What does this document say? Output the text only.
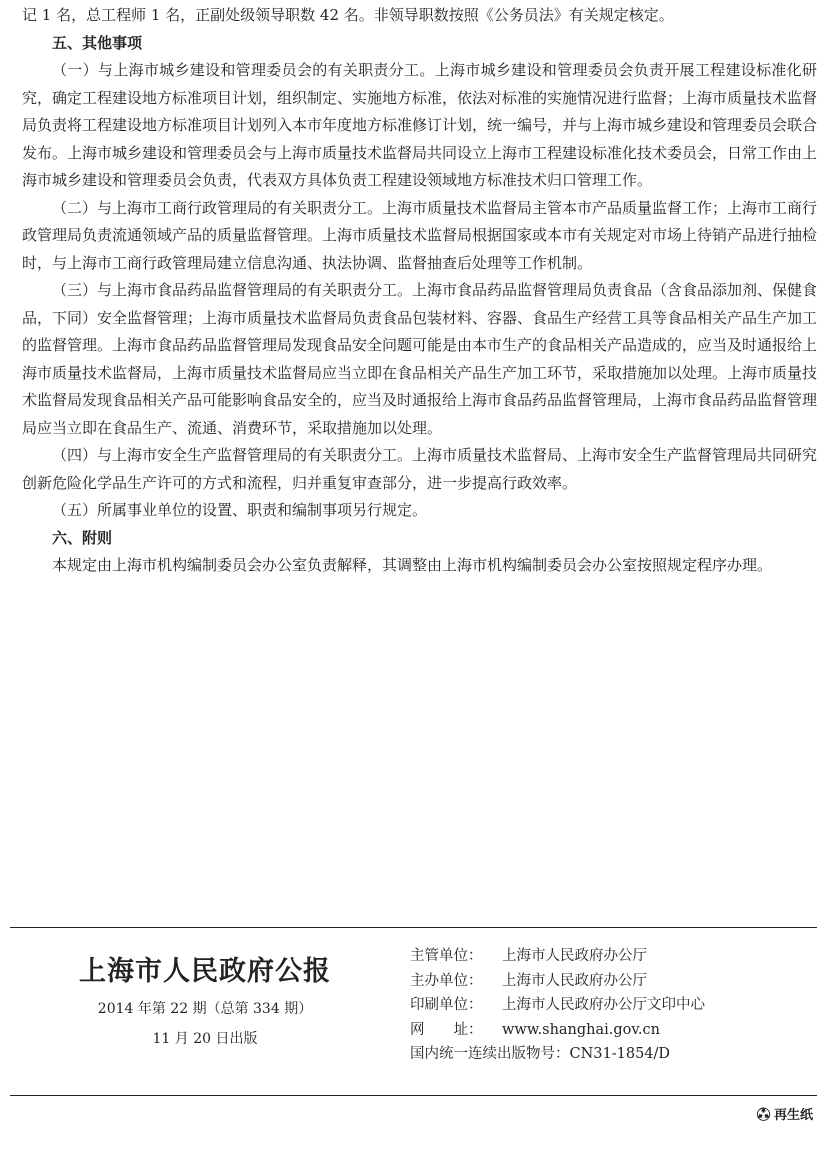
记 1 名，总工程师 1 名，正副处级领导职数 42 名。非领导职数按照《公务员法》有关规定核定。

五、其他事项

（一）与上海市城乡建设和管理委员会的有关职责分工。上海市城乡建设和管理委员会负责开展工程建设标准化研究，确定工程建设地方标准项目计划，组织制定、实施地方标准，依法对标准的实施情况进行监督；上海市质量技术监督局负责将工程建设地方标准项目计划列入本市年度地方标准修订计划，统一编号，并与上海市城乡建设和管理委员会联合发布。上海市城乡建设和管理委员会与上海市质量技术监督局共同设立上海市工程建设标准化技术委员会，日常工作由上海市城乡建设和管理委员会负责，代表双方具体负责工程建设领域地方标准技术归口管理工作。

（二）与上海市工商行政管理局的有关职责分工。上海市质量技术监督局主管本市产品质量监督工作；上海市工商行政管理局负责流通领域产品的质量监督管理。上海市质量技术监督局根据国家或本市有关规定对市场上待销产品进行抽检时，与上海市工商行政管理局建立信息沟通、执法协调、监督抽查后处理等工作机制。

（三）与上海市食品药品监督管理局的有关职责分工。上海市食品药品监督管理局负责食品（含食品添加剂、保健食品，下同）安全监督管理；上海市质量技术监督局负责食品包装材料、容器、食品生产经营工具等食品相关产品生产加工的监督管理。上海市食品药品监督管理局发现食品安全问题可能是由本市生产的食品相关产品造成的，应当及时通报给上海市质量技术监督局，上海市质量技术监督局应当立即在食品相关产品生产加工环节，采取措施加以处理。上海市质量技术监督局发现食品相关产品可能影响食品安全的，应当及时通报给上海市食品药品监督管理局，上海市食品药品监督管理局应当立即在食品生产、流通、消费环节，采取措施加以处理。

（四）与上海市安全生产监督管理局的有关职责分工。上海市质量技术监督局、上海市安全生产监督管理局共同研究创新危险化学品生产许可的方式和流程，归并重复审查部分，进一步提高行政效率。

（五）所属事业单位的设置、职责和编制事项另行规定。

六、附则

本规定由上海市机构编制委员会办公室负责解释，其调整由上海市机构编制委员会办公室按照规定程序办理。

上海市人民政府公报
2014 年第 22 期（总第 334 期）
11 月 20 日出版
主管单位：	上海市人民政府办公厅
主办单位：	上海市人民政府办公厅
印刷单位：	上海市人民政府办公厅文印中心
网　　址：	www.shanghai.gov.cn
国内统一连续出版物号： CN31-1854/D
再生纸
